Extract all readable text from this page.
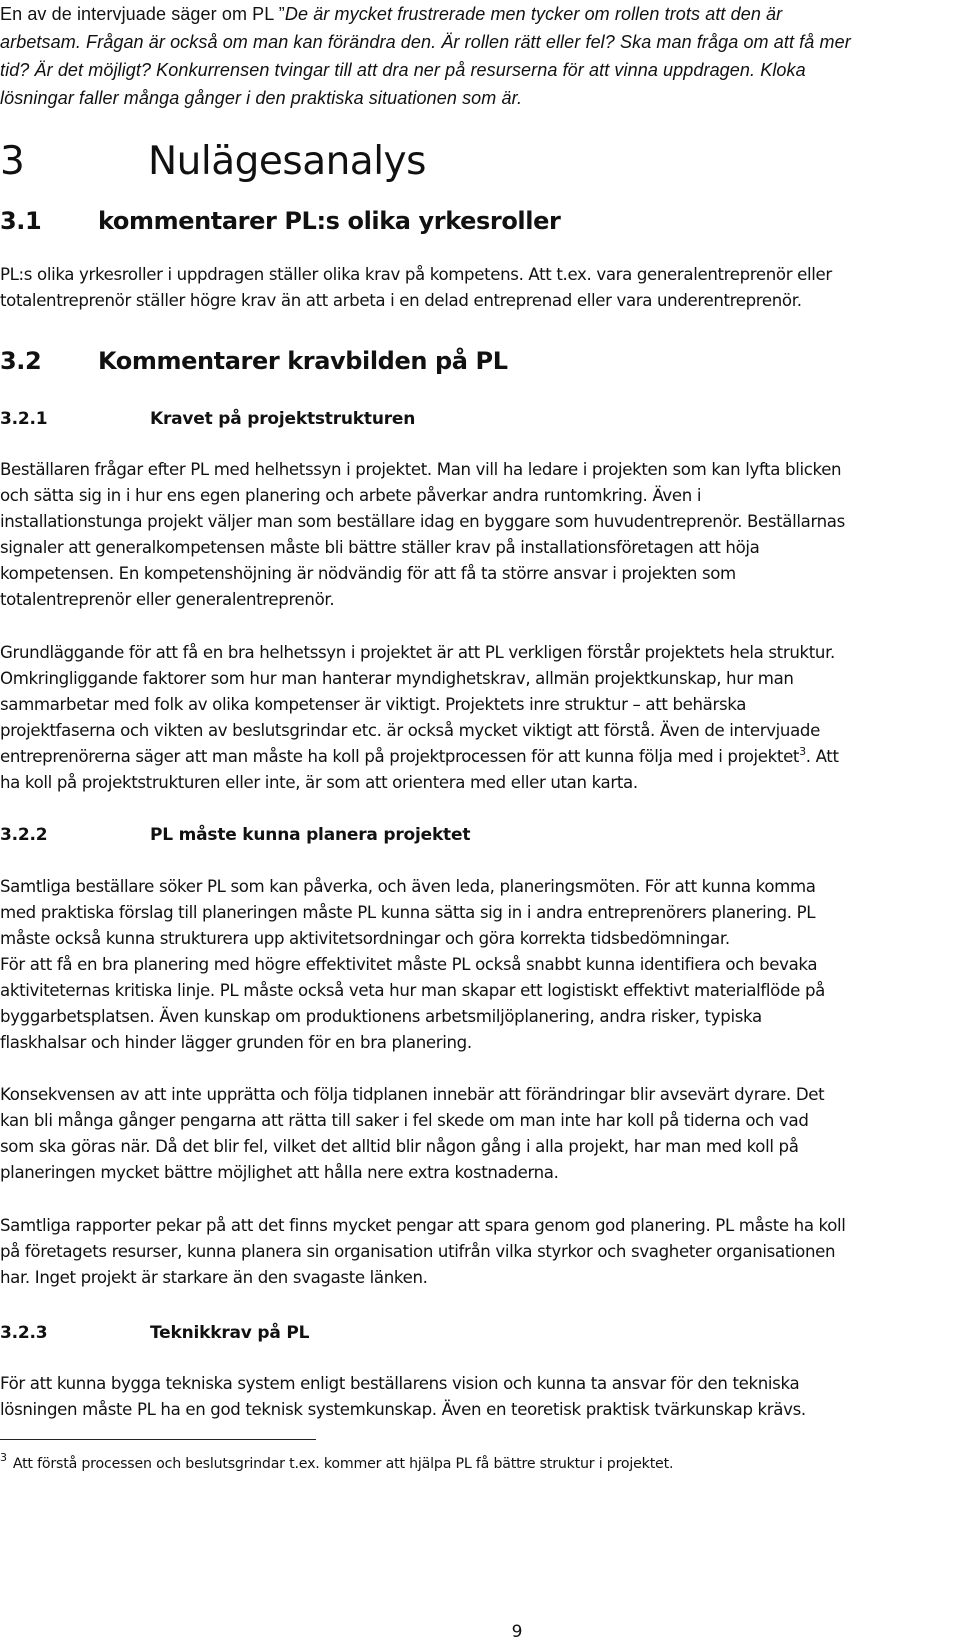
En av de intervjuade säger om PL ”De är mycket frustrerade men tycker om rollen trots att den är
arbetsam. Frågan är också om man kan förändra den. Är rollen rätt eller fel? Ska man fråga om att få mer
tid? Är det möjligt? Konkurrensen tvingar till att dra ner på resurserna för att vinna uppdragen. Kloka
lösningar faller många gånger i den praktiska situationen som är.
3	Nulägesanalys
3.1 kommentarer PL:s olika yrkesroller
PL:s olika yrkesroller i uppdragen ställer olika krav på kompetens. Att t.ex. vara generalentreprenör eller
totalentreprenör ställer högre krav än att arbeta i en delad entreprenad eller vara underentreprenör.
3.2 Kommentarer kravbilden på PL
3.2.1	Kravet på projektstrukturen
Beställaren frågar efter PL med helhetssyn i projektet. Man vill ha ledare i projekten som kan lyfta blicken
och sätta sig in i hur ens egen planering och arbete påverkar andra runtomkring. Även i
installationstunga projekt väljer man som beställare idag en byggare som huvudentreprenör. Beställarnas
signaler att generalkompetensen måste bli bättre ställer krav på installationsföretagen att höja
kompetensen. En kompetenshöjning är nödvändig för att få ta större ansvar i projekten som
totalentreprenör eller generalentreprenör.
Grundläggande för att få en bra helhetssyn i projektet är att PL verkligen förstår projektets hela struktur.
Omkringliggande faktorer som hur man hanterar myndighetskrav, allmän projektkunskap, hur man
sammarbetar med folk av olika kompetenser är viktigt. Projektets inre struktur – att behärska
projektfaserna och vikten av beslutsgrindar etc. är också mycket viktigt att förstå. Även de intervjuade
entreprenörerna säger att man måste ha koll på projektprocessen för att kunna följa med i projektet$^3$. Att
ha koll på projektstrukturen eller inte, är som att orientera med eller utan karta.
3.2.2	PL måste kunna planera projektet
Samtliga beställare söker PL som kan påverka, och även leda, planeringsmöten. För att kunna komma
med praktiska förslag till planeringen måste PL kunna sätta sig in i andra entreprenörers planering. PL
måste också kunna strukturera upp aktivitetsordningar och göra korrekta tidsbedömningar.
För att få en bra planering med högre effektivitet måste PL också snabbt kunna identifiera och bevaka
aktiviteternas kritiska linje. PL måste också veta hur man skapar ett logistiskt effektivt materialflöde på
byggarbetsplatsen. Även kunskap om produktionens arbetsmiljöplanering, andra risker, typiska
flaskhalsar och hinder lägger grunden för en bra planering.
Konsekvensen av att inte upprätta och följa tidplanen innebär att förändringar blir avsevärt dyrare. Det
kan bli många gånger pengarna att rätta till saker i fel skede om man inte har koll på tiderna och vad
som ska göras när. Då det blir fel, vilket det alltid blir någon gång i alla projekt, har man med koll på
planeringen mycket bättre möjlighet att hålla nere extra kostnaderna.
Samtliga rapporter pekar på att det finns mycket pengar att spara genom god planering. PL måste ha koll
på företagets resurser, kunna planera sin organisation utifrån vilka styrkor och svagheter organisationen
har. Inget projekt är starkare än den svagaste länken.
3.2.3	Teknikkrav på PL
För att kunna bygga tekniska system enligt beställarens vision och kunna ta ansvar för den tekniska
lösningen måste PL ha en god teknisk systemkunskap. Även en teoretisk praktisk tvärkunskap krävs.
$^3$ Att förstå processen och beslutsgrindar t.ex. kommer att hjälpa PL få bättre struktur i projektet.
9
